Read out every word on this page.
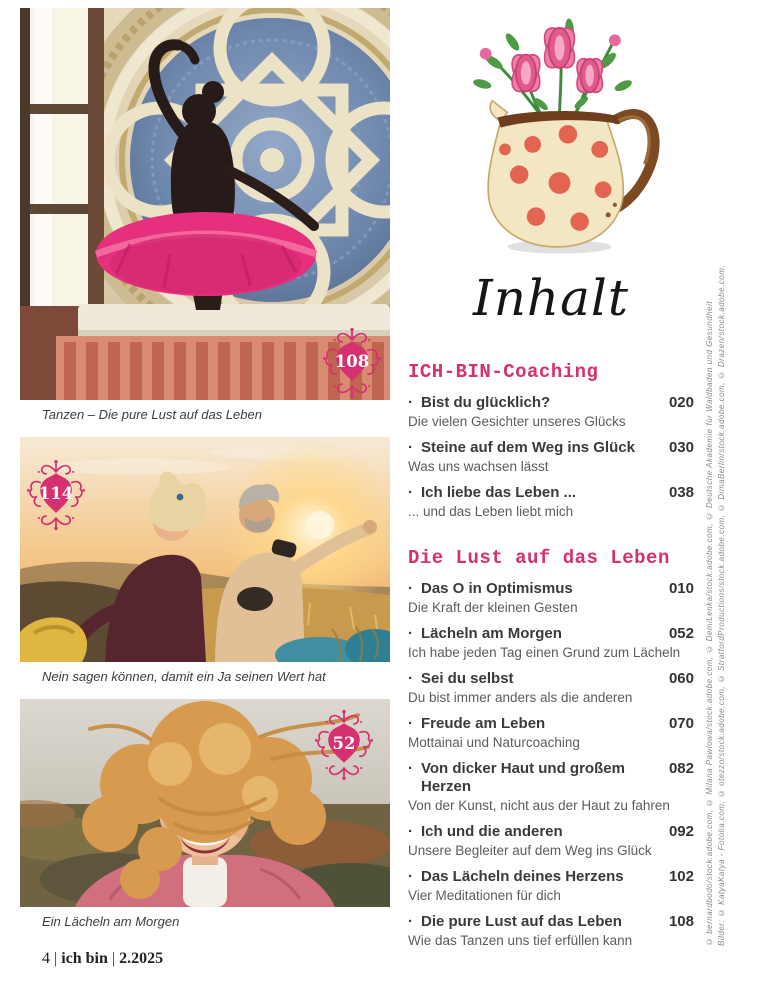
108
Tanzen – Die pure Lust auf das Leben
114
Nein sagen können, damit ein Ja seinen Wert hat
52
Ein Lächeln am Morgen
Inhalt
ICH-BIN-Coaching
· Bist du glücklich?	020
Die vielen Gesichter unseres Glücks
· Steine auf dem Weg ins Glück	030
Was uns wachsen lässt
· Ich liebe das Leben ...	038
... und das Leben liebt mich
Die Lust auf das Leben
· Das O in Optimismus	010
Die Kraft der kleinen Gesten
· Lächeln am Morgen	052
Ich habe jeden Tag einen Grund zum Lächeln
· Sei du selbst	060
Du bist immer anders als die anderen
· Freude am Leben	070
Mottainai und Naturcoaching
· Von dicker Haut und großem Herzen
082
Von der Kunst, nicht aus der Haut zu fahren
· Ich und die anderen	092
Unsere Begleiter auf dem Weg ins Glück
· Das Lächeln deines Herzens	102
Vier Meditationen für dich
· Die pure Lust auf das Leben	108
Wie das Tanzen uns tief erfüllen kann	Bilder: © KatyaKatya - Fotolia.com, © otezzo/stock.adobe.com, © StratfordProductions/stock.adobe.com, © DimaBerlin/stock.adobe.com, © Drazen/stock.adobe.com,
© bernardbodo/stock.adobe.com, © Milana Pawlowa/stock.adobe.com, © DemiLenka/stock.adobe.com, © Deutsche Akademie für Waldbaden und Gesundheit
4 | ich bin | 2.2025
